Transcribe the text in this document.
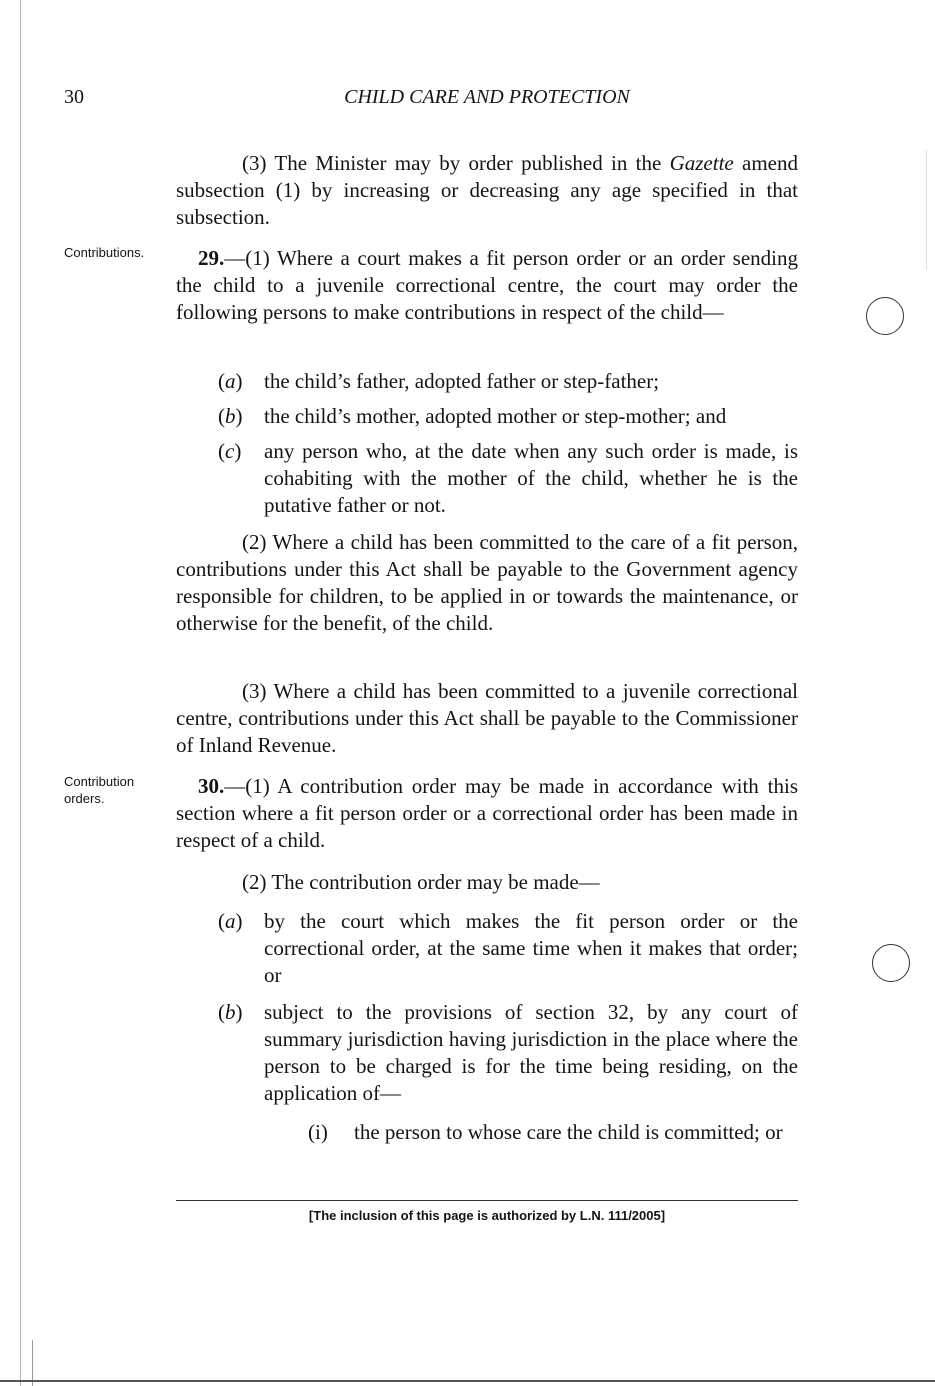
30	CHILD CARE AND PROTECTION
Contributions.
Contribution orders.

(3) The Minister may by order published in the Gazette amend subsection (1) by increasing or decreasing any age specified in that subsection.

29.—(1) Where a court makes a fit person order or an order sending the child to a juvenile correctional centre, the court may order the following persons to make contributions in respect of the child—

(a) the child’s father, adopted father or step-father;
(b) the child’s mother, adopted mother or step-mother; and
(c) any person who, at the date when any such order is made, is cohabiting with the mother of the child, whether he is the putative father or not.

(2) Where a child has been committed to the care of a fit person, contributions under this Act shall be payable to the Government agency responsible for children, to be applied in or towards the maintenance, or otherwise for the benefit, of the child.

(3) Where a child has been committed to a juvenile correctional centre, contributions under this Act shall be payable to the Commissioner of Inland Revenue.

30.—(1) A contribution order may be made in accordance with this section where a fit person order or a correctional order has been made in respect of a child.

(2) The contribution order may be made—

(a) by the court which makes the fit person order or the correctional order, at the same time when it makes that order; or
(b) subject to the provisions of section 32, by any court of summary jurisdiction having jurisdiction in the place where the person to be charged is for the time being residing, on the application of—
(i) the person to whose care the child is committed; or
[The inclusion of this page is authorized by L.N. 111/2005]
